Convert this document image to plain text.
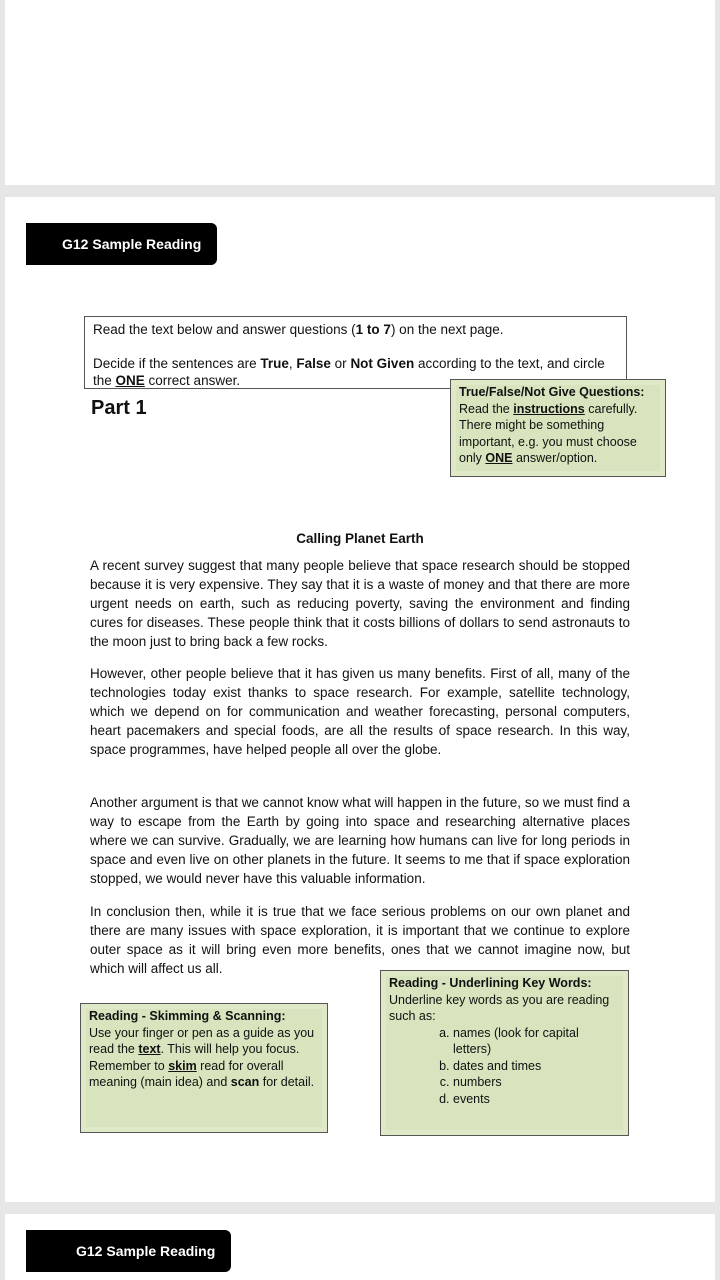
G12 Sample Reading
Read the text below and answer questions (1 to 7) on the next page.
Decide if the sentences are True, False or Not Given according to the text, and circle the ONE correct answer.
Part 1
True/False/Not Give Questions:
Read the instructions carefully. There might be something important, e.g. you must choose only ONE answer/option.
Calling Planet Earth

A recent survey suggest that many people believe that space research should be stopped because it is very expensive. They say that it is a waste of money and that there are more urgent needs on earth, such as reducing poverty, saving the environment and finding cures for diseases. These people think that it costs billions of dollars to send astronauts to the moon just to bring back a few rocks.

However, other people believe that it has given us many benefits. First of all, many of the technologies today exist thanks to space research. For example, satellite technology, which we depend on for communication and weather forecasting, personal computers, heart pacemakers and special foods, are all the results of space research. In this way, space programmes, have helped people all over the globe.

Another argument is that we cannot know what will happen in the future, so we must find a way to escape from the Earth by going into space and researching alternative places where we can survive. Gradually, we are learning how humans can live for long periods in space and even live on other planets in the future. It seems to me that if space exploration stopped, we would never have this valuable information.

In conclusion then, while it is true that we face serious problems on our own planet and there are many issues with space exploration, it is important that we continue to explore outer space as it will bring even more benefits, ones that we cannot imagine now, but which will affect us all.

Reading - Skimming & Scanning:
Use your finger or pen as a guide as you read the text. This will help you focus.
Remember to skim read for overall meaning (main idea) and scan for detail.
Reading - Underlining Key Words:
Underline key words as you are reading such as:
a. names (look for capital letters)
b. dates and times
c. numbers
d. events
G12 Sample Reading
